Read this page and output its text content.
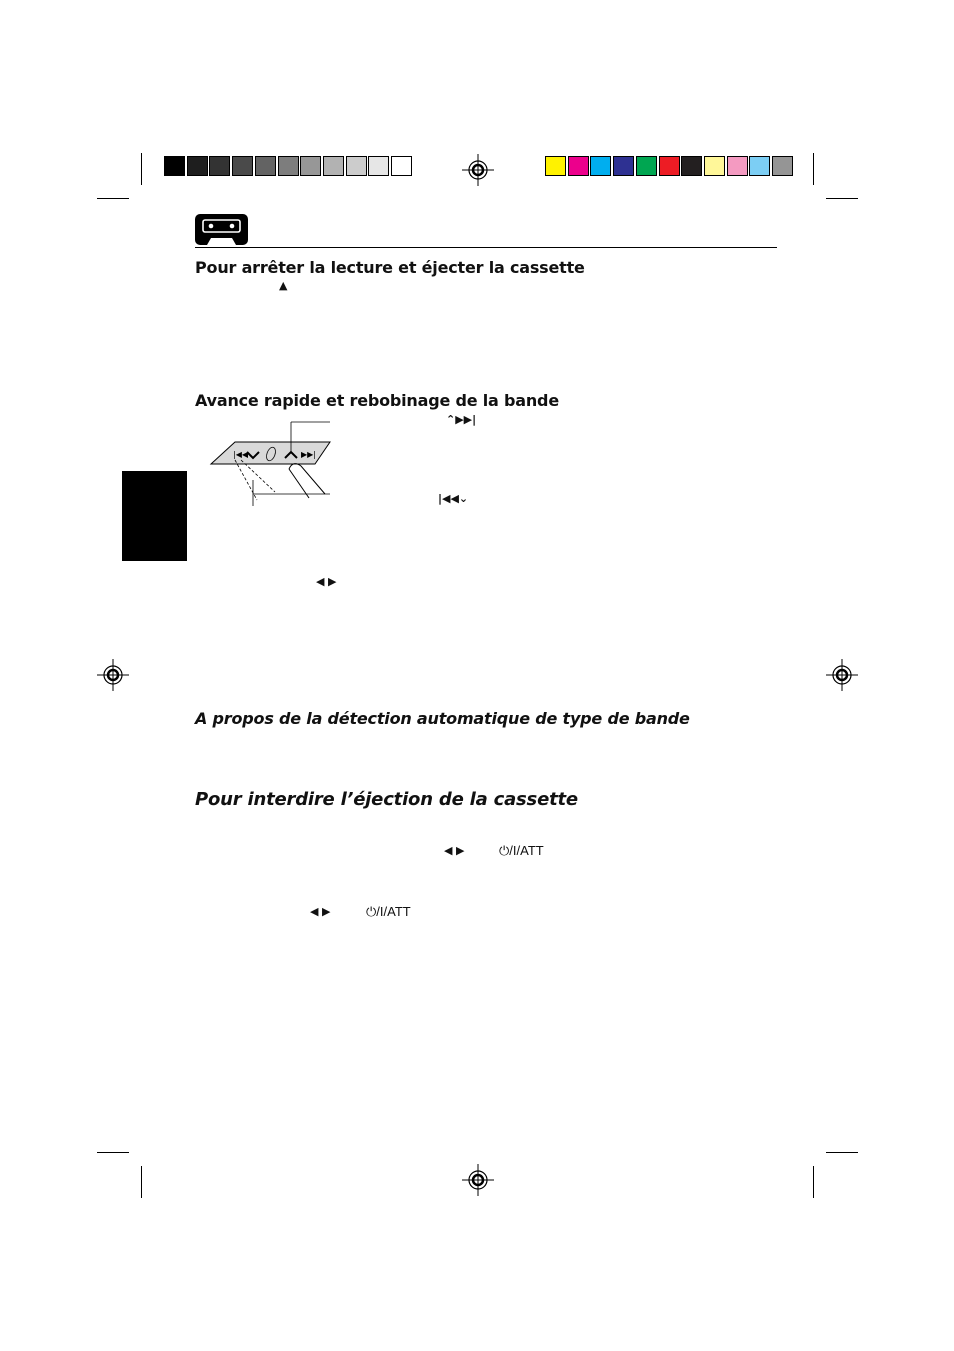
Pour arrêter la lecture et éjecter la cassette
▲
Avance rapide et rebobinage de la bande
⌃▶▶|
|◀◀⌄
|◀◀	▶▶|
◀ ▶
A propos de la détection automatique de type de bande
Pour interdire l’éjection de la cassette
◀ ▶	⏻/I/ATT
◀ ▶	⏻/I/ATT
